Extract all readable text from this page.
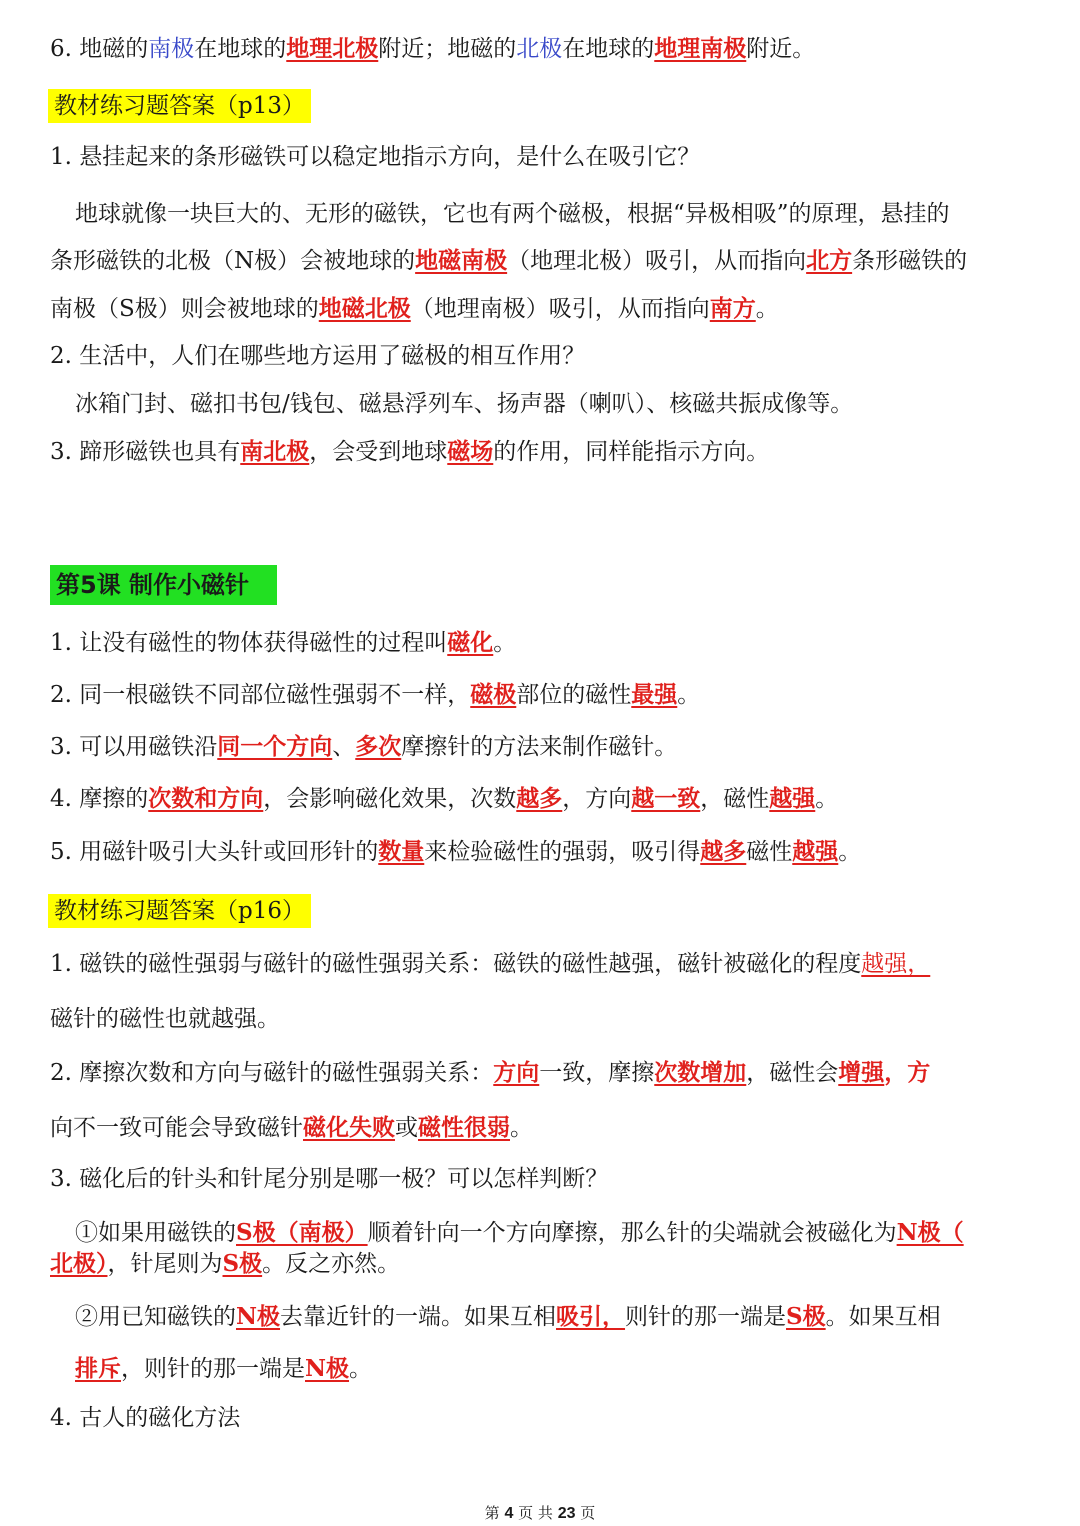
6. 地磁的南极在地球的地理北极附近；地磁的北极在地球的地理南极附近。
教材练习题答案（p13）
1. 悬挂起来的条形磁铁可以稳定地指示方向，是什么在吸引它？
地球就像一块巨大的、无形的磁铁，它也有两个磁极，根据“异极相吸”的原理，悬挂的
条形磁铁的北极（N极）会被地球的地磁南极（地理北极）吸引，从而指向北方条形磁铁的
南极（S极）则会被地球的地磁北极（地理南极）吸引，从而指向南方。
2. 生活中，人们在哪些地方运用了磁极的相互作用？
冰箱门封、磁扣书包/钱包、磁悬浮列车、扬声器（喇叭）、核磁共振成像等。
3. 蹄形磁铁也具有南北极，会受到地球磁场的作用，同样能指示方向。
第5课 制作小磁针
1. 让没有磁性的物体获得磁性的过程叫磁化。
2. 同一根磁铁不同部位磁性强弱不一样，磁极部位的磁性最强。
3. 可以用磁铁沿同一个方向、多次摩擦针的方法来制作磁针。
4. 摩擦的次数和方向，会影响磁化效果，次数越多，方向越一致，磁性越强。
5. 用磁针吸引大头针或回形针的数量来检验磁性的强弱，吸引得越多磁性越强。
教材练习题答案（p16）
1. 磁铁的磁性强弱与磁针的磁性强弱关系：磁铁的磁性越强，磁针被磁化的程度越强，
磁针的磁性也就越强。
2. 摩擦次数和方向与磁针的磁性强弱关系：方向一致，摩擦次数增加，磁性会增强，方
向不一致可能会导致磁针磁化失败或磁性很弱。
3. 磁化后的针头和针尾分别是哪一极？可以怎样判断？
①如果用磁铁的S极（南极）顺着针向一个方向摩擦，那么针的尖端就会被磁化为N极（
北极），针尾则为S极。反之亦然。
②用已知磁铁的N极去靠近针的一端。如果互相吸引，则针的那一端是S极。如果互相
排斥，则针的那一端是N极。
4. 古人的磁化方法
第 4 页 共 23 页
